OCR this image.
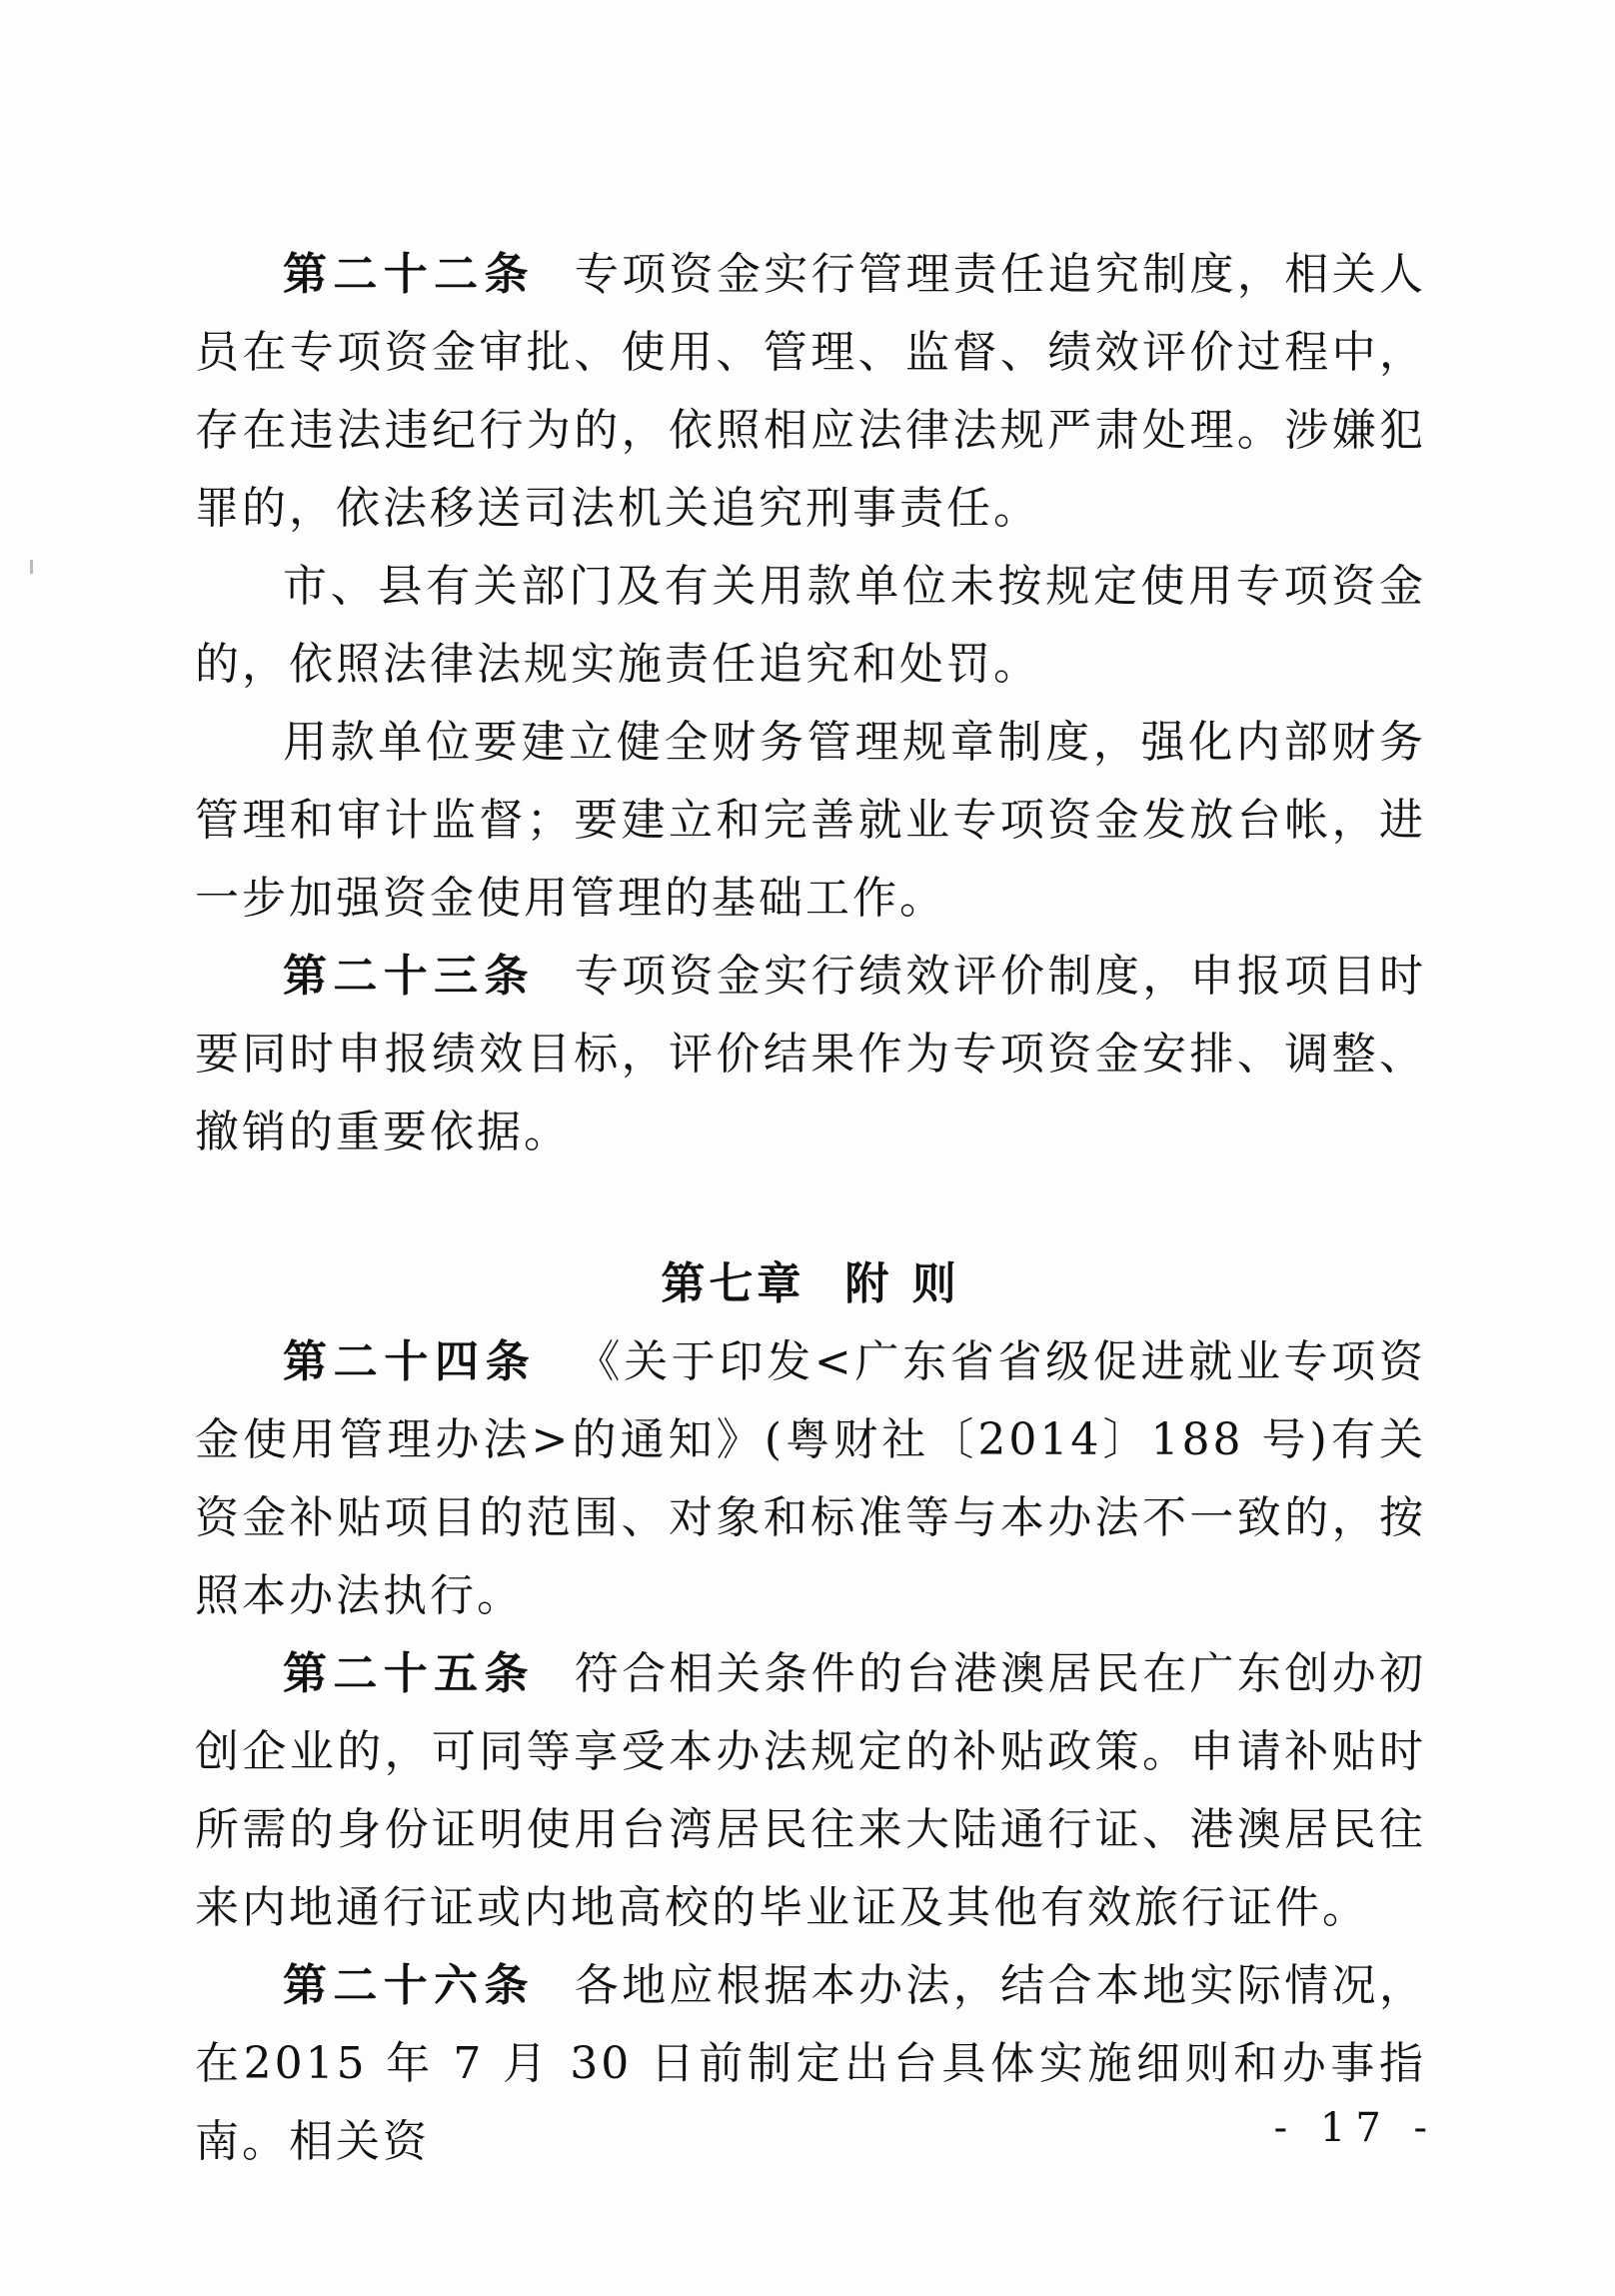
第二十二条 专项资金实行管理责任追究制度，相关人员在专项资金审批、使用、管理、监督、绩效评价过程中，存在违法违纪行为的，依照相应法律法规严肃处理。涉嫌犯罪的，依法移送司法机关追究刑事责任。

市、县有关部门及有关用款单位未按规定使用专项资金的，依照法律法规实施责任追究和处罚。

用款单位要建立健全财务管理规章制度，强化内部财务管理和审计监督；要建立和完善就业专项资金发放台帐，进一步加强资金使用管理的基础工作。

第二十三条 专项资金实行绩效评价制度，申报项目时要同时申报绩效目标，评价结果作为专项资金安排、调整、撤销的重要依据。

第七章 附 则

第二十四条 《关于印发<广东省省级促进就业专项资金使用管理办法>的通知》(粤财社〔2014〕188 号)有关资金补贴项目的范围、对象和标准等与本办法不一致的，按照本办法执行。

第二十五条 符合相关条件的台港澳居民在广东创办初创企业的，可同等享受本办法规定的补贴政策。申请补贴时所需的身份证明使用台湾居民往来大陆通行证、港澳居民往来内地通行证或内地高校的毕业证及其他有效旅行证件。

第二十六条 各地应根据本办法，结合本地实际情况，在2015 年 7 月 30 日前制定出台具体实施细则和办事指南。相关资	- 17 -
